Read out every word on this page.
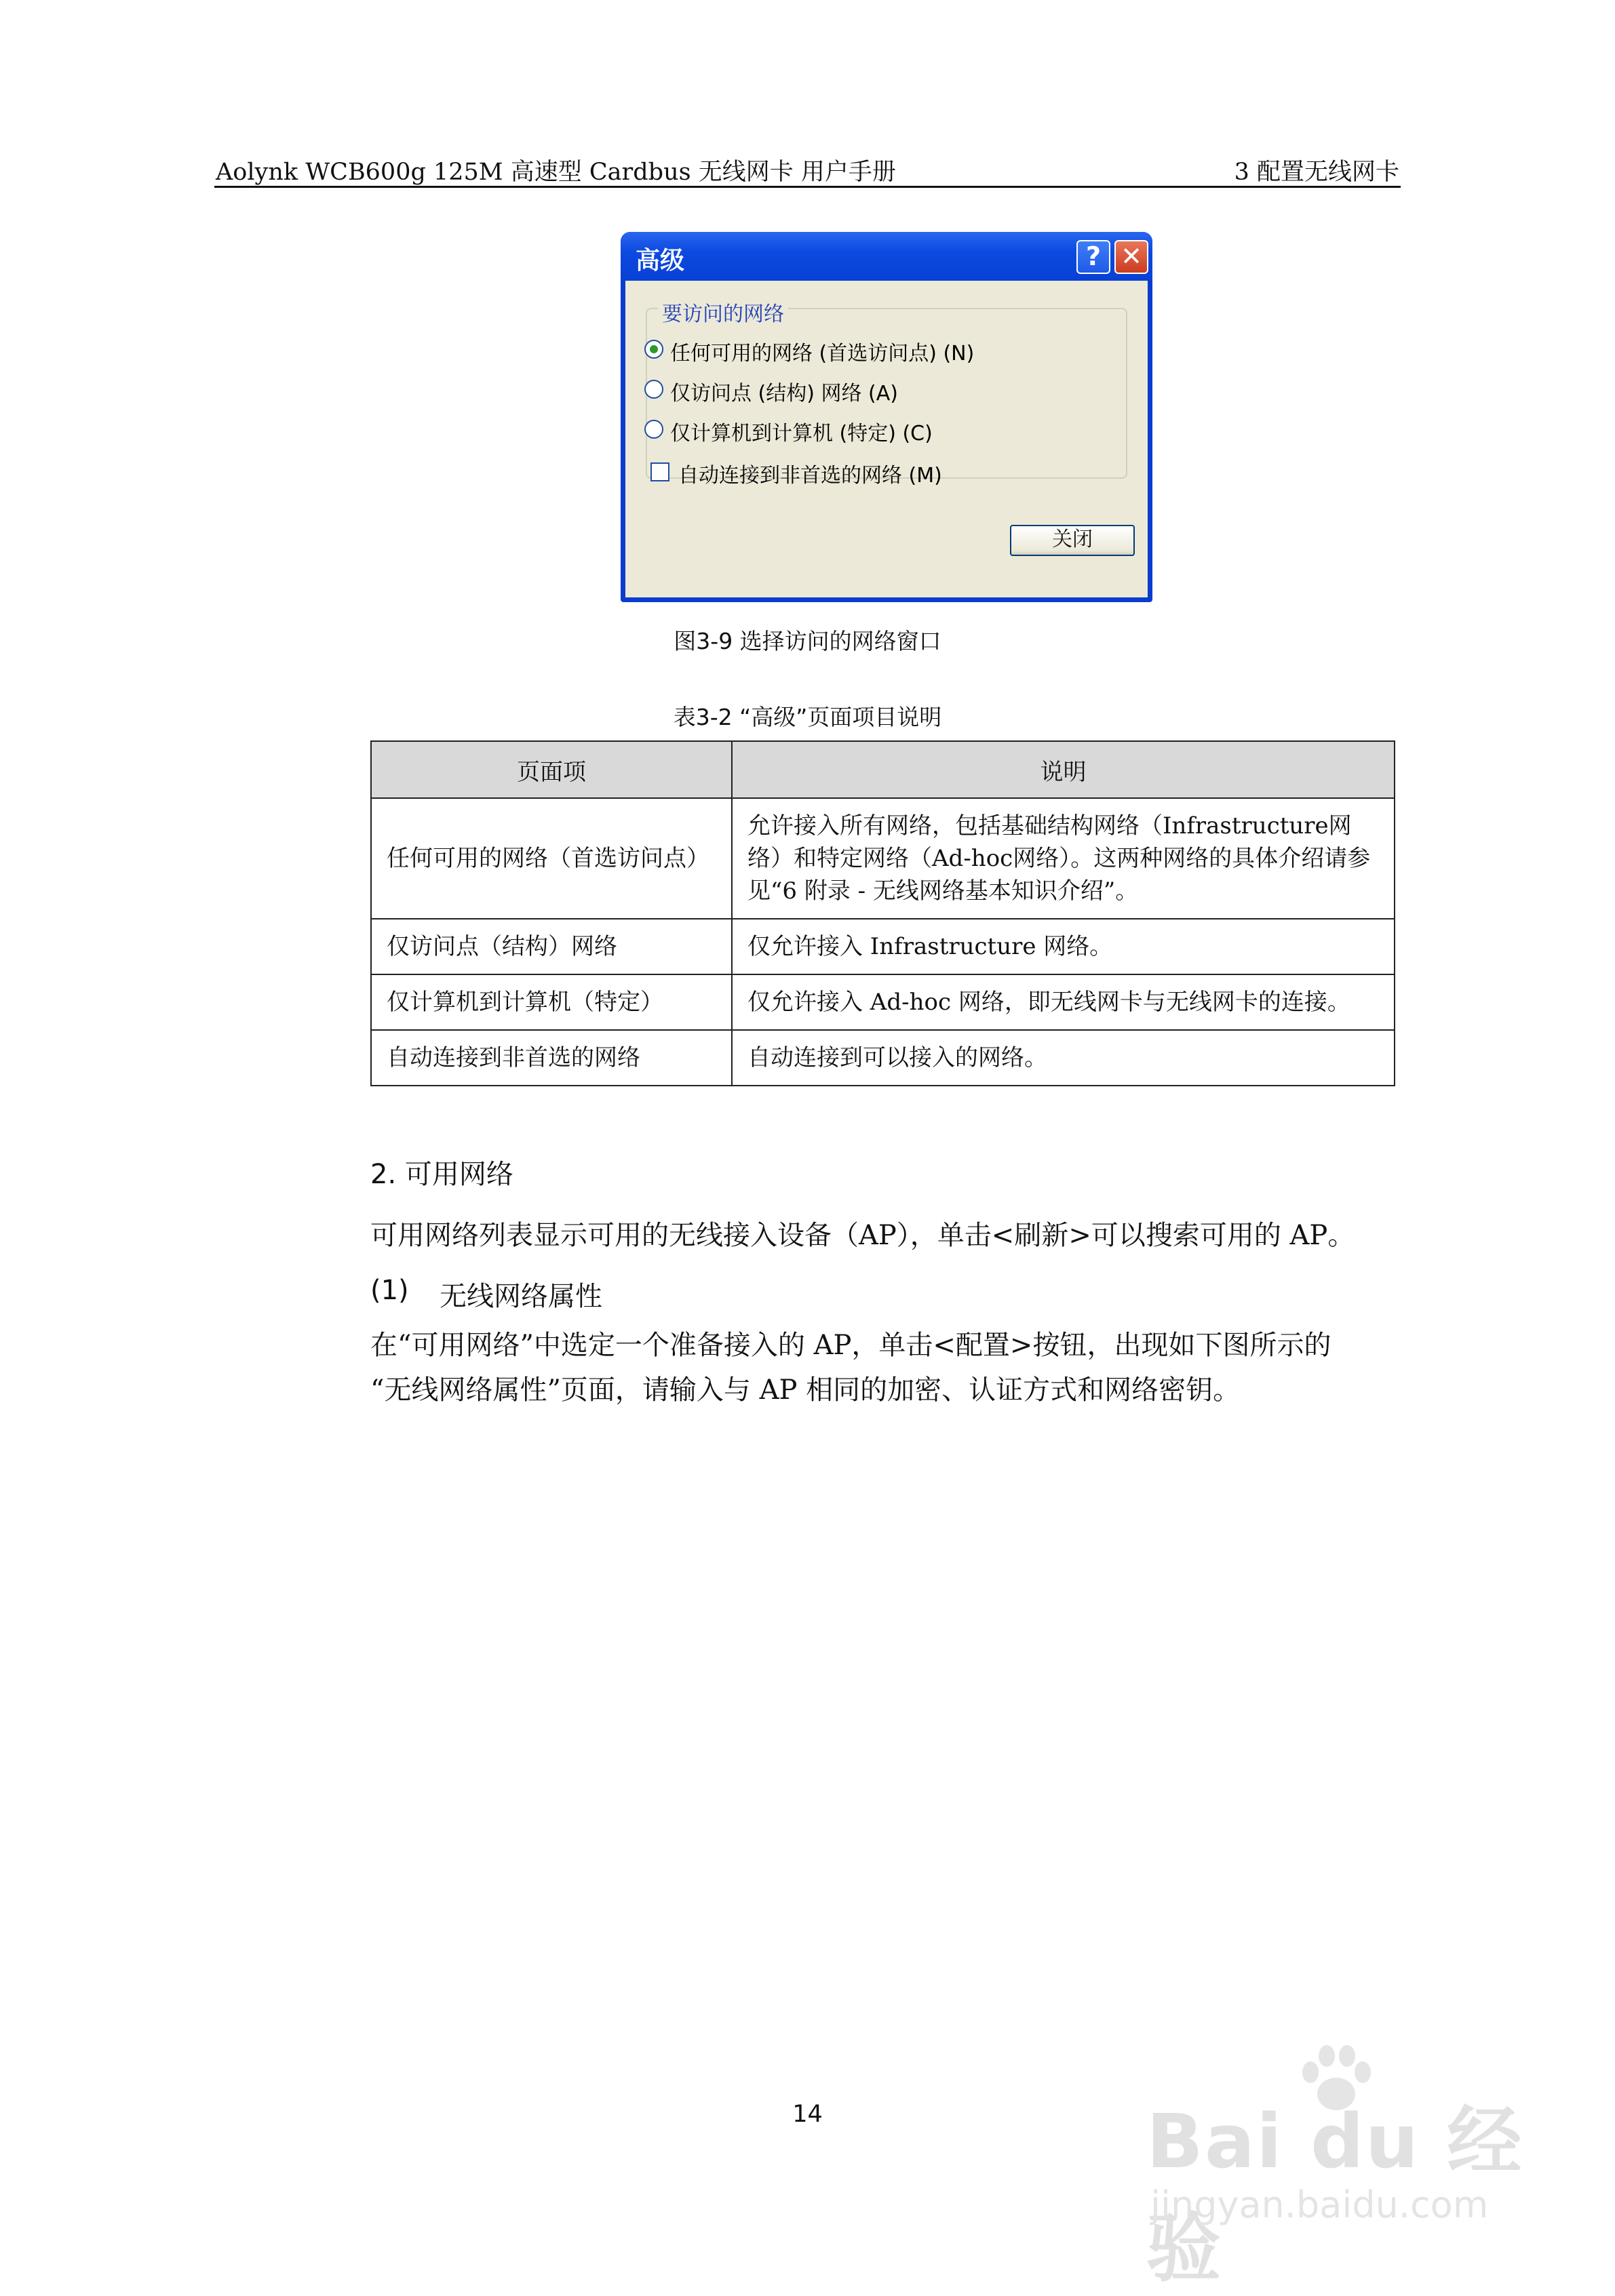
Aolynk WCB600g 125M 高速型 Cardbus 无线网卡 用户手册	3 配置无线网卡
高级	? ✕
要访问的网络
任何可用的网络 (首选访问点) (N)
仅访问点 (结构) 网络 (A)
仅计算机到计算机 (特定) (C)
自动连接到非首选的网络 (M)
关闭
图3-9 选择访问的网络窗口
表3-2 “高级”页面项目说明
页面项	说明
任何可用的网络（首选访问点）	允许接入所有网络，包括基础结构网络（Infrastructure网络）和特定网络（Ad-hoc网络）。这两种网络的具体介绍请参见“6 附录 - 无线网络基本知识介绍”。
仅访问点（结构）网络	仅允许接入 Infrastructure 网络。
仅计算机到计算机（特定）	仅允许接入 Ad-hoc 网络，即无线网卡与无线网卡的连接。
自动连接到非首选的网络	自动连接到可以接入的网络。
2. 可用网络
可用网络列表显示可用的无线接入设备（AP），单击<刷新>可以搜索可用的 AP。
(1) 无线网络属性
在“可用网络”中选定一个准备接入的 AP，单击<配置>按钮，出现如下图所示的
“无线网络属性”页面，请输入与 AP 相同的加密、认证方式和网络密钥。
14	Bai du 经验
jingyan.baidu.com
